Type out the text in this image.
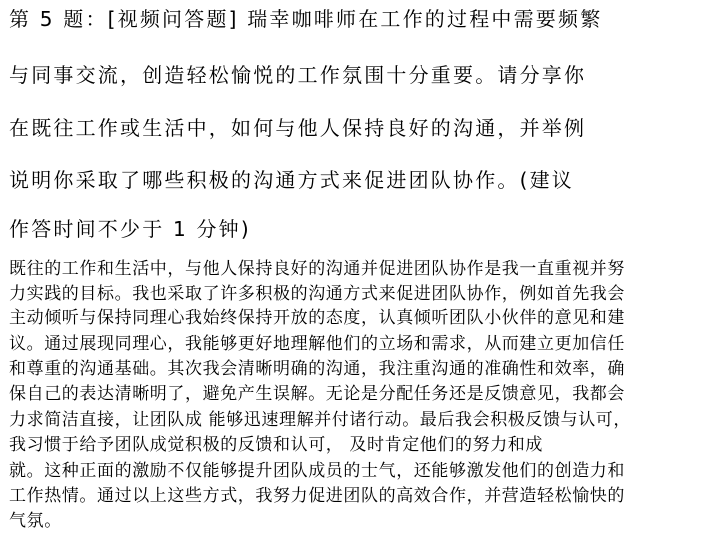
第 5 题：[视频问答题] 瑞幸咖啡师在工作的过程中需要频繁
与同事交流，创造轻松愉悦的工作氛围十分重要。请分享你
在既往工作或生活中，如何与他人保持良好的沟通，并举例
说明你采取了哪些积极的沟通方式来促进团队协作。(建议
作答时间不少于 1 分钟)
既往的工作和生活中，与他人保持良好的沟通并促进团队协作是我一直重视并努
力实践的目标。我也采取了许多积极的沟通方式来促进团队协作，例如首先我会
主动倾听与保持同理心我始终保持开放的态度，认真倾听团队小伙伴的意见和建
议。通过展现同理心，我能够更好地理解他们的立场和需求，从而建立更加信任
和尊重的沟通基础。其次我会清晰明确的沟通，我注重沟通的准确性和效率，确
保自己的表达清晰明了，避免产生误解。无论是分配任务还是反馈意见，我都会
力求简洁直接，让团队成 能够迅速理解并付诸行动。最后我会积极反馈与认可，
我习惯于给予团队成觉积极的反馈和认可， 及时肯定他们的努力和成
就。这种正面的激励不仅能够提升团队成员的士气，还能够激发他们的创造力和
工作热情。通过以上这些方式，我努力促进团队的高效合作，并营造轻松愉快的
气氛。
